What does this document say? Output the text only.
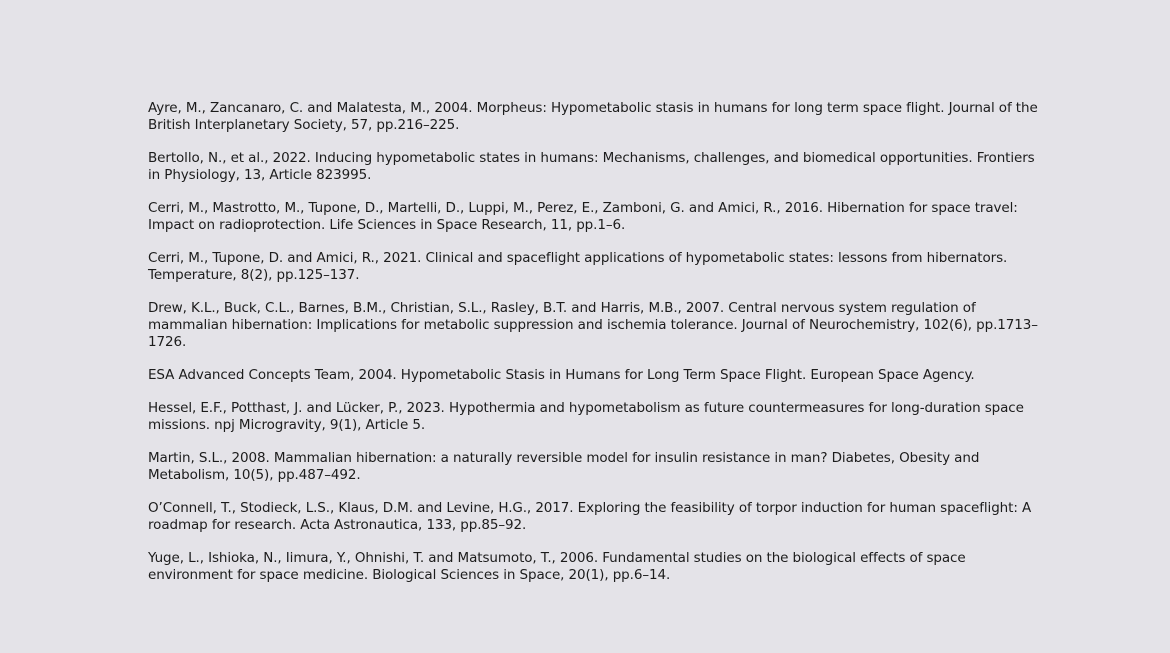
Ayre, M., Zancanaro, C. and Malatesta, M., 2004. Morpheus: Hypometabolic stasis in humans for long term space flight. Journal of the British Interplanetary Society, 57, pp.216–225.

Bertollo, N., et al., 2022. Inducing hypometabolic states in humans: Mechanisms, challenges, and biomedical opportunities. Frontiers in Physiology, 13, Article 823995.

Cerri, M., Mastrotto, M., Tupone, D., Martelli, D., Luppi, M., Perez, E., Zamboni, G. and Amici, R., 2016. Hibernation for space travel: Impact on radioprotection. Life Sciences in Space Research, 11, pp.1–6.

Cerri, M., Tupone, D. and Amici, R., 2021. Clinical and spaceflight applications of hypometabolic states: lessons from hibernators. Temperature, 8(2), pp.125–137.

Drew, K.L., Buck, C.L., Barnes, B.M., Christian, S.L., Rasley, B.T. and Harris, M.B., 2007. Central nervous system regulation of mammalian hibernation: Implications for metabolic suppression and ischemia tolerance. Journal of Neurochemistry, 102(6), pp.1713–1726.

ESA Advanced Concepts Team, 2004. Hypometabolic Stasis in Humans for Long Term Space Flight. European Space Agency.

Hessel, E.F., Potthast, J. and Lücker, P., 2023. Hypothermia and hypometabolism as future countermeasures for long-duration space missions. npj Microgravity, 9(1), Article 5.

Martin, S.L., 2008. Mammalian hibernation: a naturally reversible model for insulin resistance in man? Diabetes, Obesity and Metabolism, 10(5), pp.487–492.

O’Connell, T., Stodieck, L.S., Klaus, D.M. and Levine, H.G., 2017. Exploring the feasibility of torpor induction for human spaceflight: A roadmap for research. Acta Astronautica, 133, pp.85–92.

Yuge, L., Ishioka, N., Iimura, Y., Ohnishi, T. and Matsumoto, T., 2006. Fundamental studies on the biological effects of space environment for space medicine. Biological Sciences in Space, 20(1), pp.6–14.
